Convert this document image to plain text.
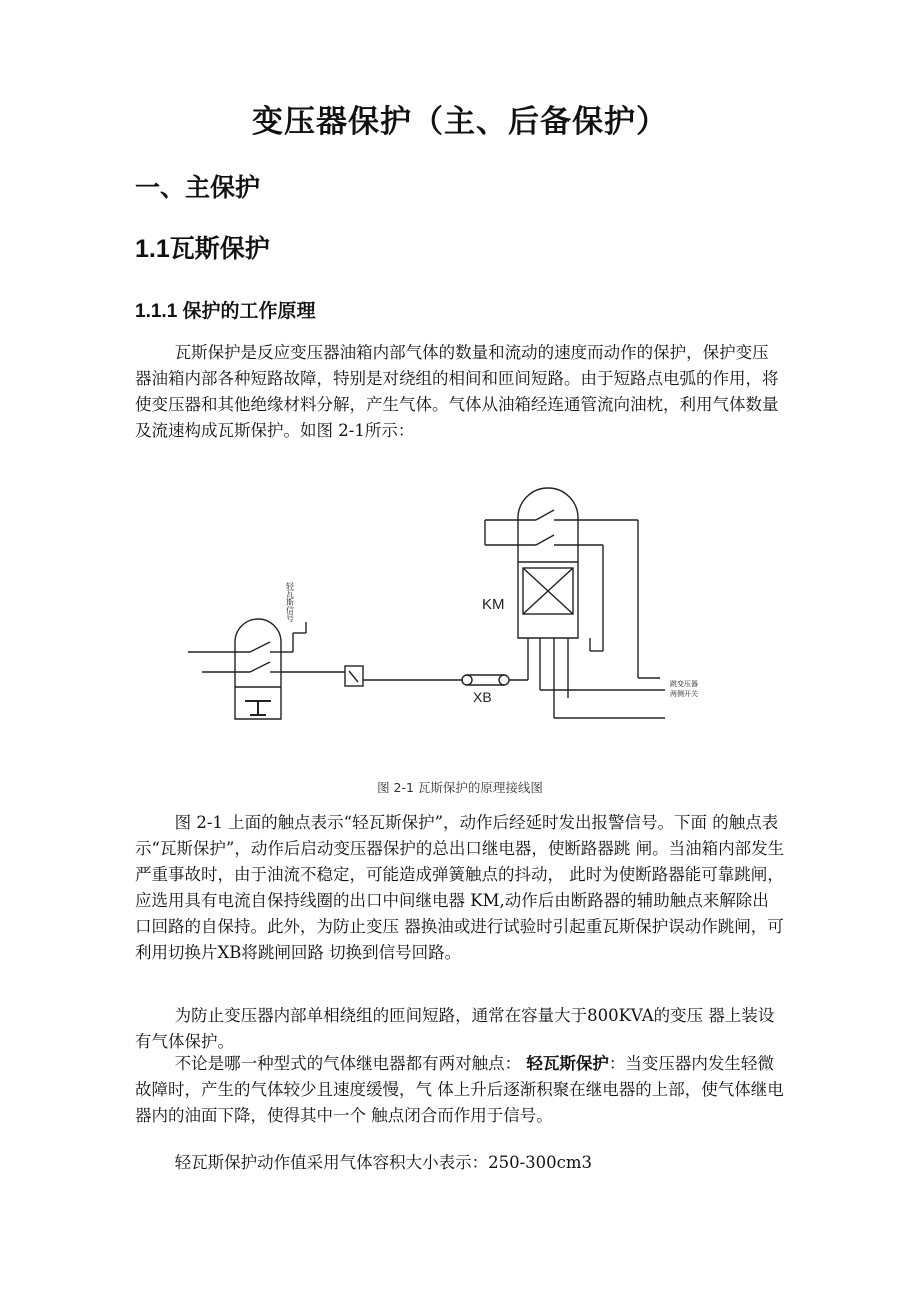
变压器保护（主、后备保护）
一、主保护
1.1瓦斯保护
1.1.1 保护的工作原理

瓦斯保护是反应变压器油箱内部气体的数量和流动的速度而动作的保护，保护变压器油箱内部各种短路故障，特别是对绕组的相间和匝间短路。由于短路点电弧的作用，将使变压器和其他绝缘材料分解，产生气体。气体从油箱经连通管流向油枕，利用气体数量及流速构成瓦斯保护。如图 2-1所示：

轻瓦斯信号
XB
KM
跳变压器两侧开关

图 2-1 瓦斯保护的原理接线图

图 2-1 上面的触点表示“轻瓦斯保护”，动作后经延时发出报警信号。下面 的触点表示“瓦斯保护”，动作后启动变压器保护的总出口继电器，使断路器跳 闸。当油箱内部发生严重事故时，由于油流不稳定，可能造成弹簧触点的抖动， 此时为使断路器能可靠跳闸，应选用具有电流自保持线圈的出口中间继电器 KM,动作后由断路器的辅助触点来解除出口回路的自保持。此外，为防止变压 器换油或进行试验时引起重瓦斯保护误动作跳闸，可利用切换片XB将跳闸回路 切换到信号回路。

为防止变压器内部单相绕组的匝间短路，通常在容量大于800KVA的变压 器上装设有气体保护。

不论是哪一种型式的气体继电器都有两对触点： 轻瓦斯保护：当变压器内发生轻微故障时，产生的气体较少且速度缓慢，气 体上升后逐渐积聚在继电器的上部，使气体继电器内的油面下降，使得其中一个 触点闭合而作用于信号。

轻瓦斯保护动作值采用气体容积大小表示：250-300cm3
